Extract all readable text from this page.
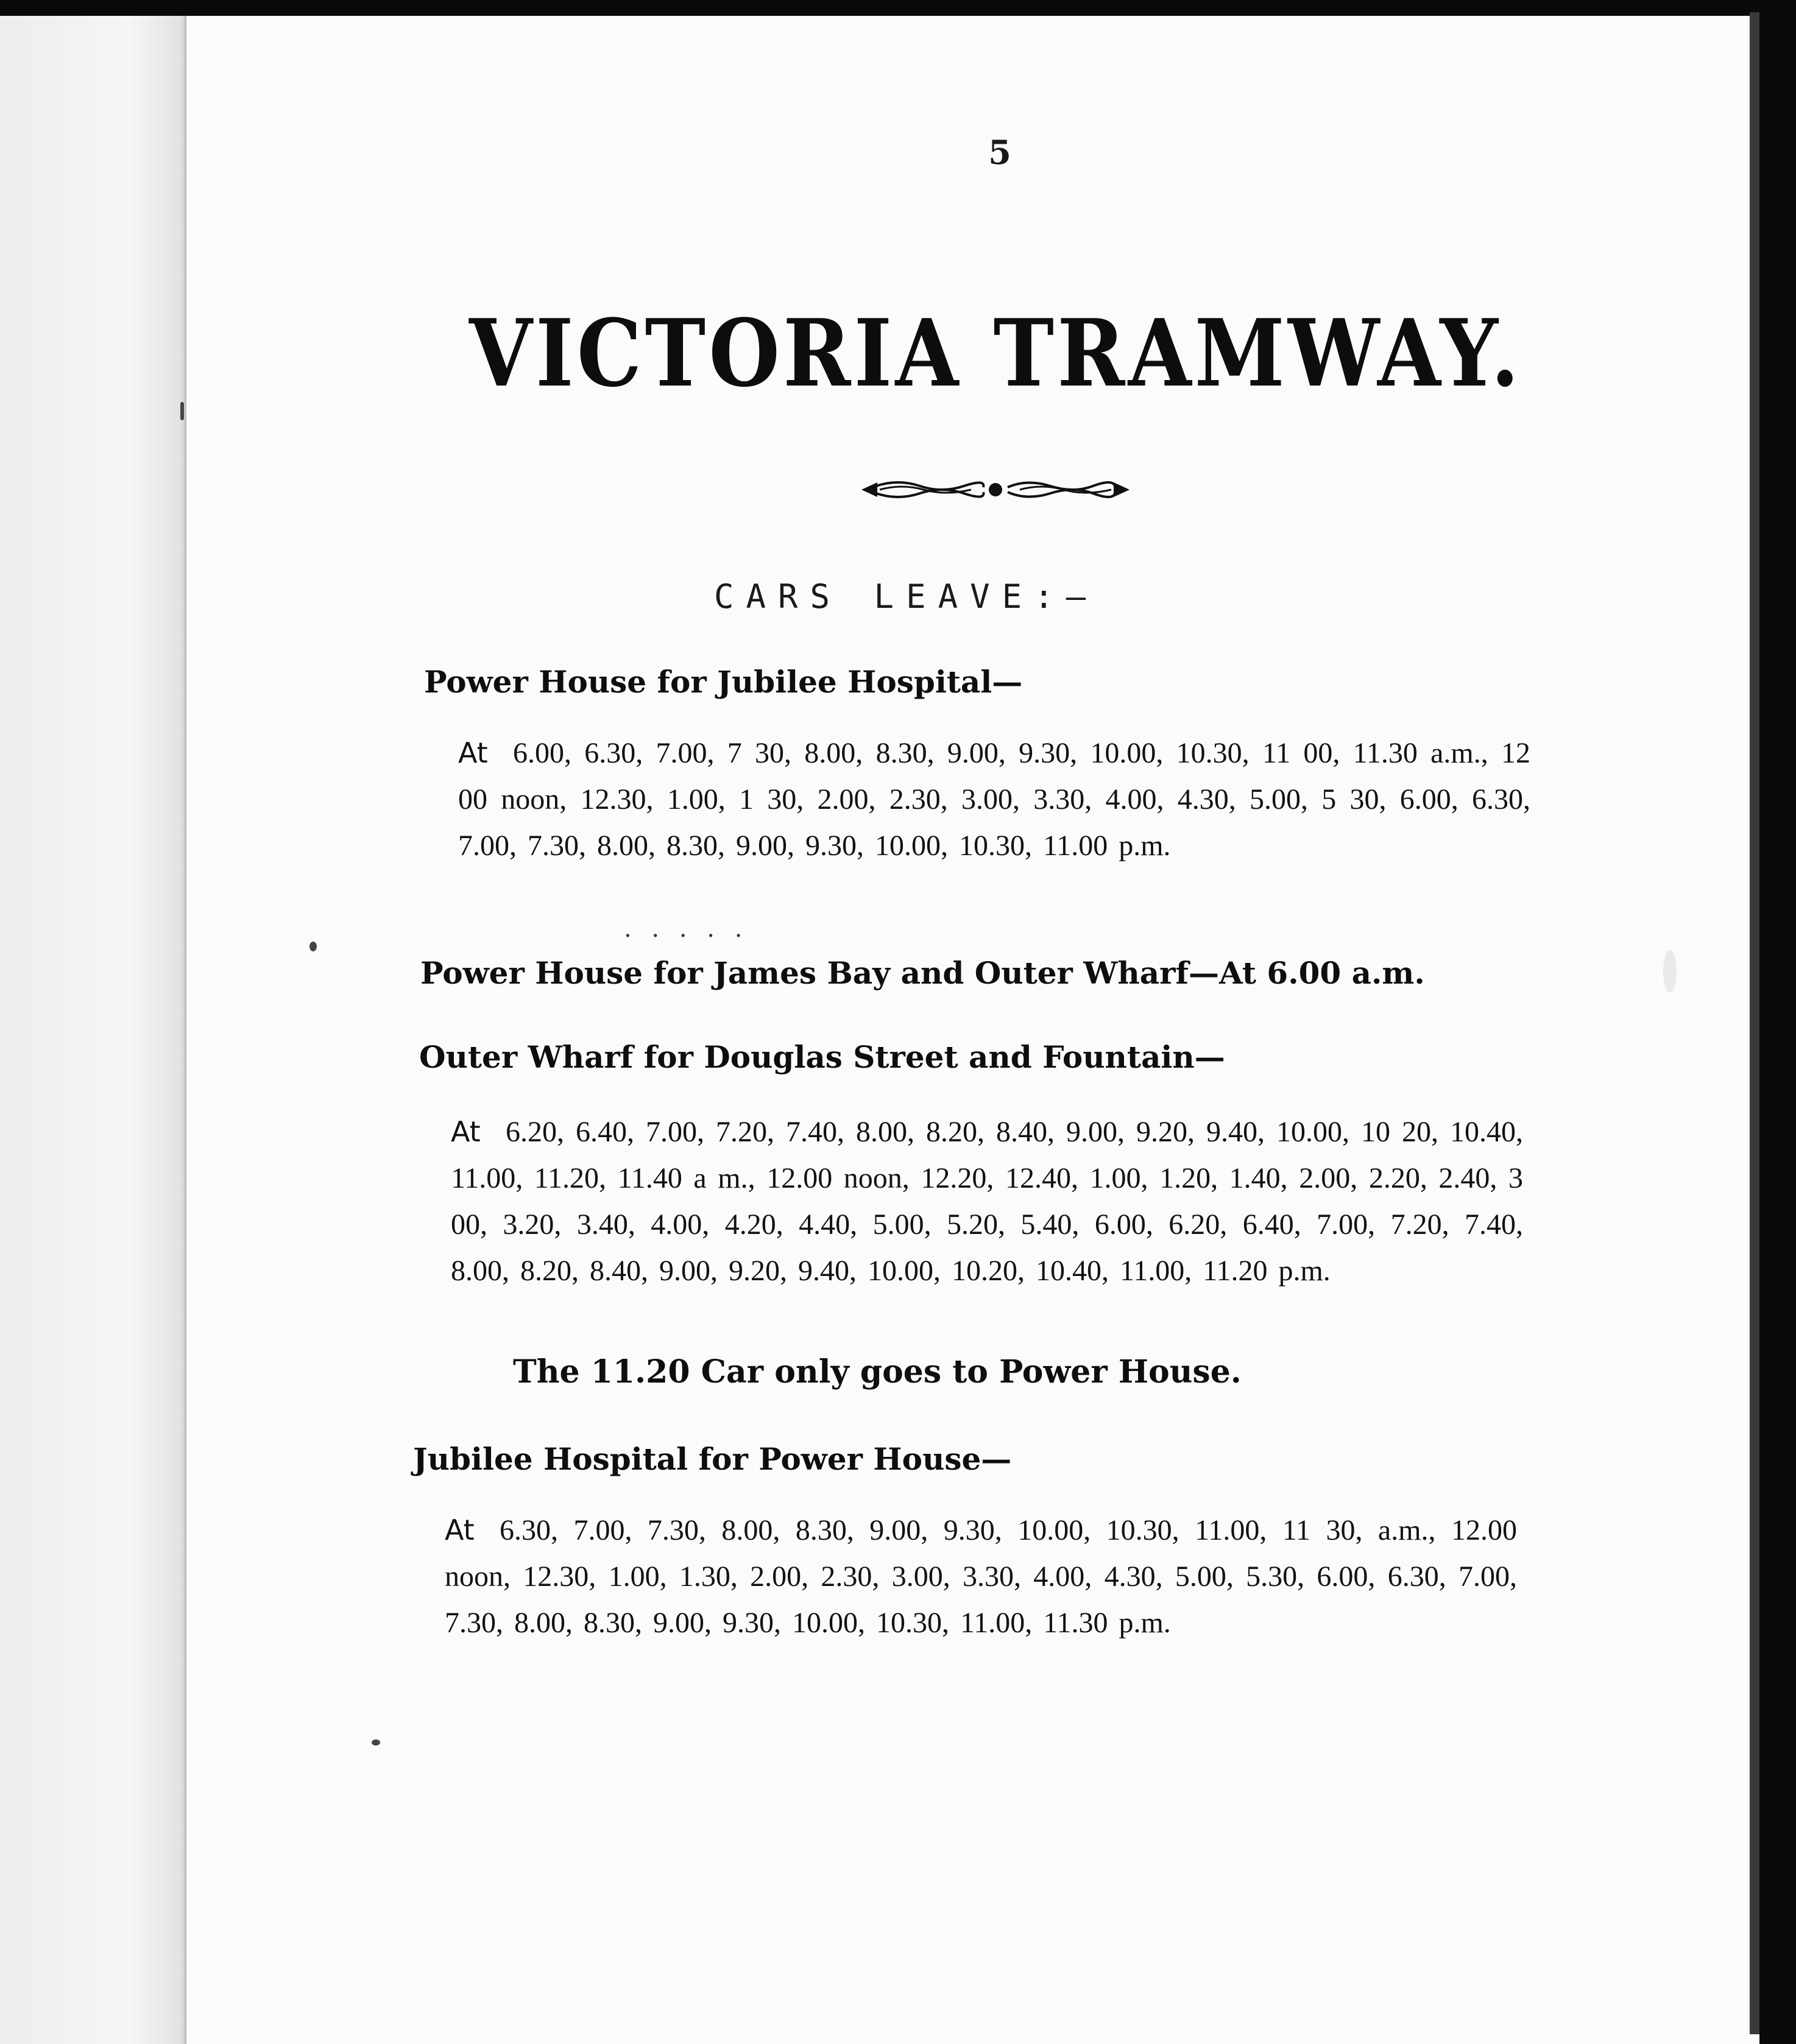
5
VICTORIA TRAMWAY.
CARS LEAVE:—
Power House for Jubilee Hospital—
At 6.00, 6.30, 7.00, 7 30, 8.00, 8.30, 9.00, 9.30, 10.00, 10.30, 11 00, 11.30 a.m., 12 00 noon, 12.30, 1.00, 1 30, 2.00, 2.30, 3.00, 3.30, 4.00, 4.30, 5.00, 5 30, 6.00, 6.30, 7.00, 7.30, 8.00, 8.30, 9.00, 9.30, 10.00, 10.30, 11.00 p.m.
. . . . .
Power House for James Bay and Outer Wharf—At 6.00 a.m.
Outer Wharf for Douglas Street and Fountain—
At 6.20, 6.40, 7.00, 7.20, 7.40, 8.00, 8.20, 8.40, 9.00, 9.20, 9.40, 10.00, 10 20, 10.40, 11.00, 11.20, 11.40 a m., 12.00 noon, 12.20, 12.40, 1.00, 1.20, 1.40, 2.00, 2.20, 2.40, 3 00, 3.20, 3.40, 4.00, 4.20, 4.40, 5.00, 5.20, 5.40, 6.00, 6.20, 6.40, 7.00, 7.20, 7.40, 8.00, 8.20, 8.40, 9.00, 9.20, 9.40, 10.00, 10.20, 10.40, 11.00, 11.20 p.m.
The 11.20 Car only goes to Power House.
Jubilee Hospital for Power House—
At 6.30, 7.00, 7.30, 8.00, 8.30, 9.00, 9.30, 10.00, 10.30, 11.00, 11 30, a.m., 12.00 noon, 12.30, 1.00, 1.30, 2.00, 2.30, 3.00, 3.30, 4.00, 4.30, 5.00, 5.30, 6.00, 6.30, 7.00, 7.30, 8.00, 8.30, 9.00, 9.30, 10.00, 10.30, 11.00, 11.30 p.m.
